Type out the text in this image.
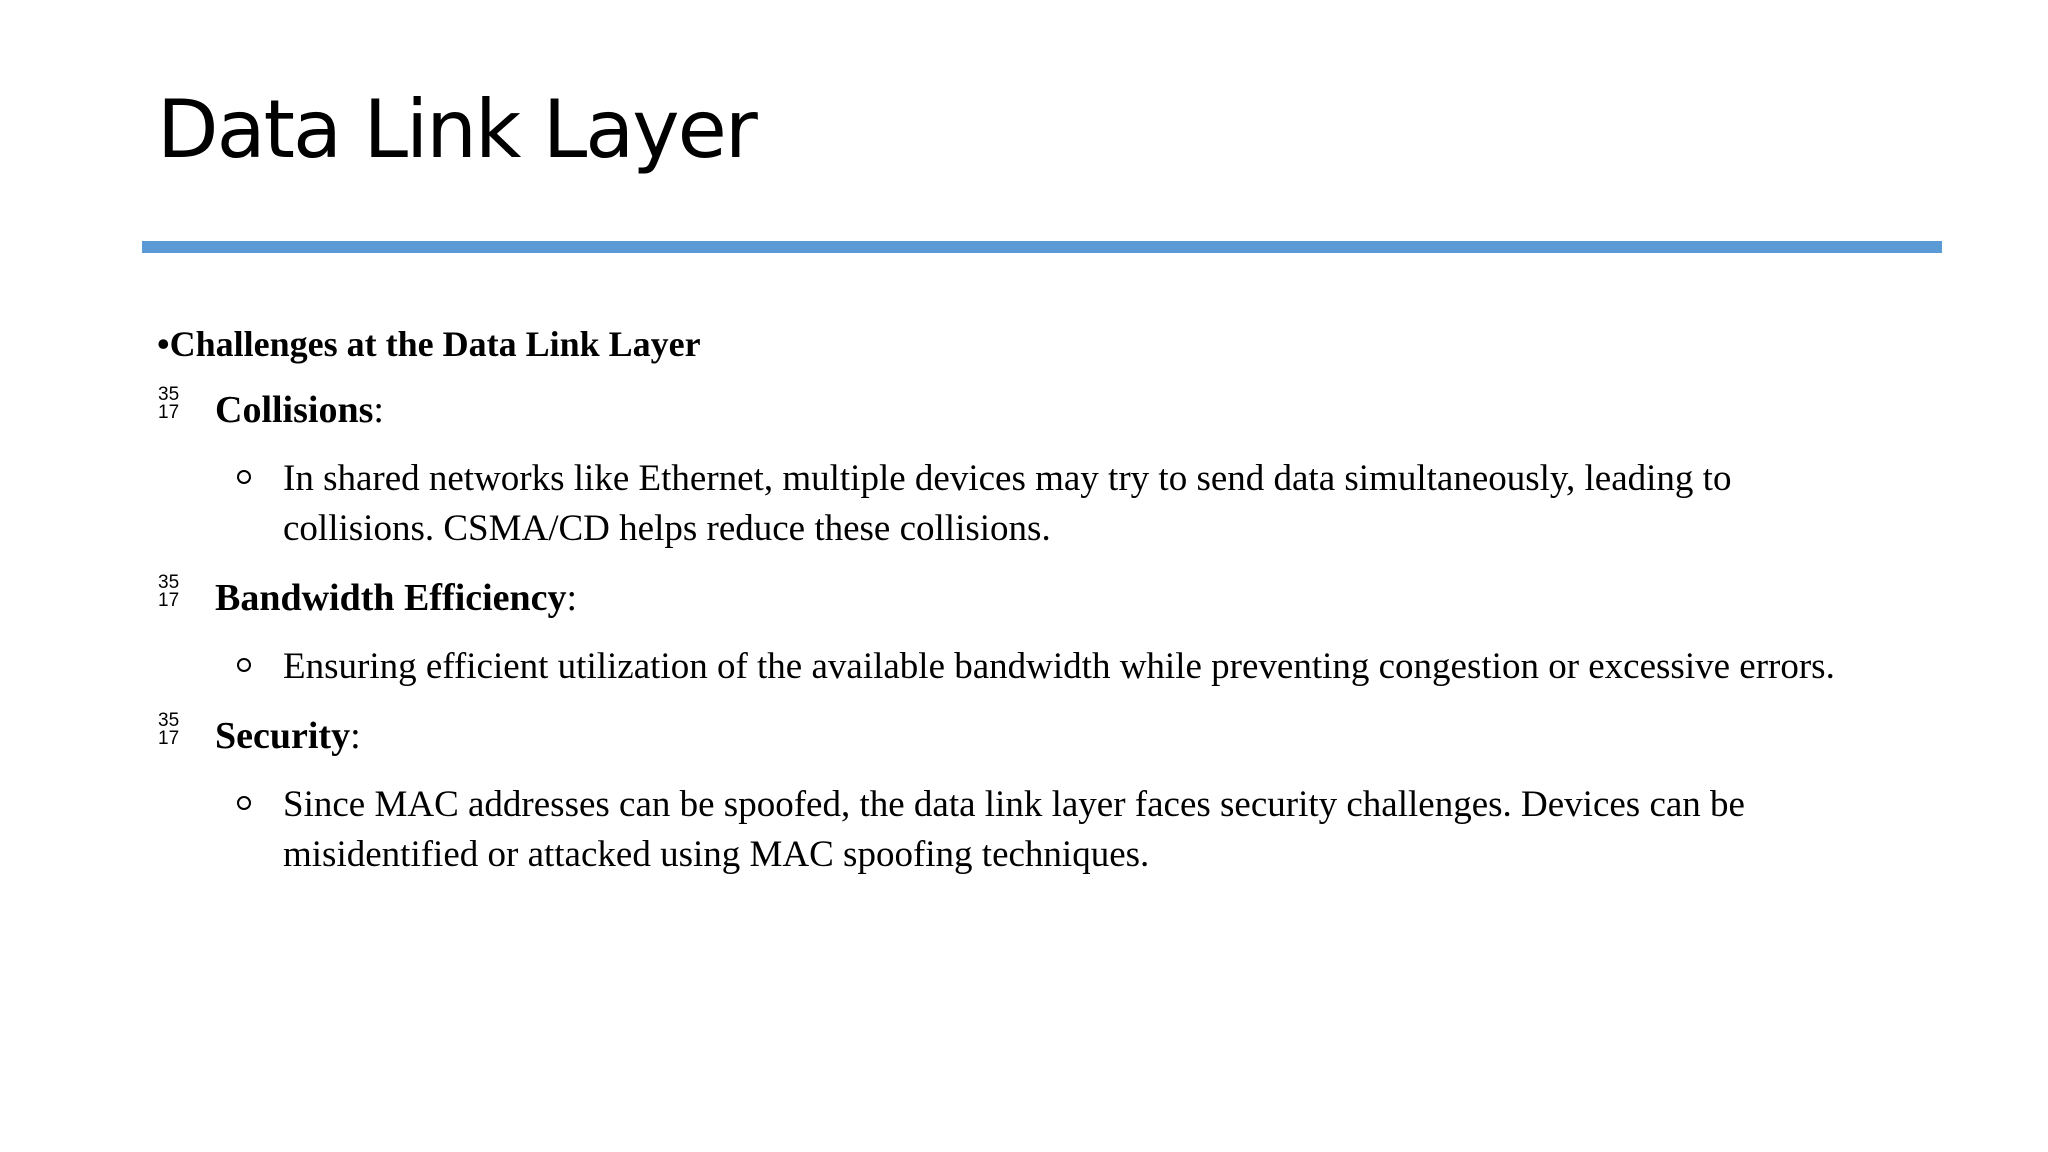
Data Link Layer
•Challenges at the Data Link Layer
35
17 Collisions:
In shared networks like Ethernet, multiple devices may try to send data simultaneously, leading to collisions. CSMA/CD helps reduce these collisions.
35
17 Bandwidth Efficiency:
Ensuring efficient utilization of the available bandwidth while preventing congestion or excessive errors.
35
17 Security:
Since MAC addresses can be spoofed, the data link layer faces security challenges. Devices can be misidentified or attacked using MAC spoofing techniques.
